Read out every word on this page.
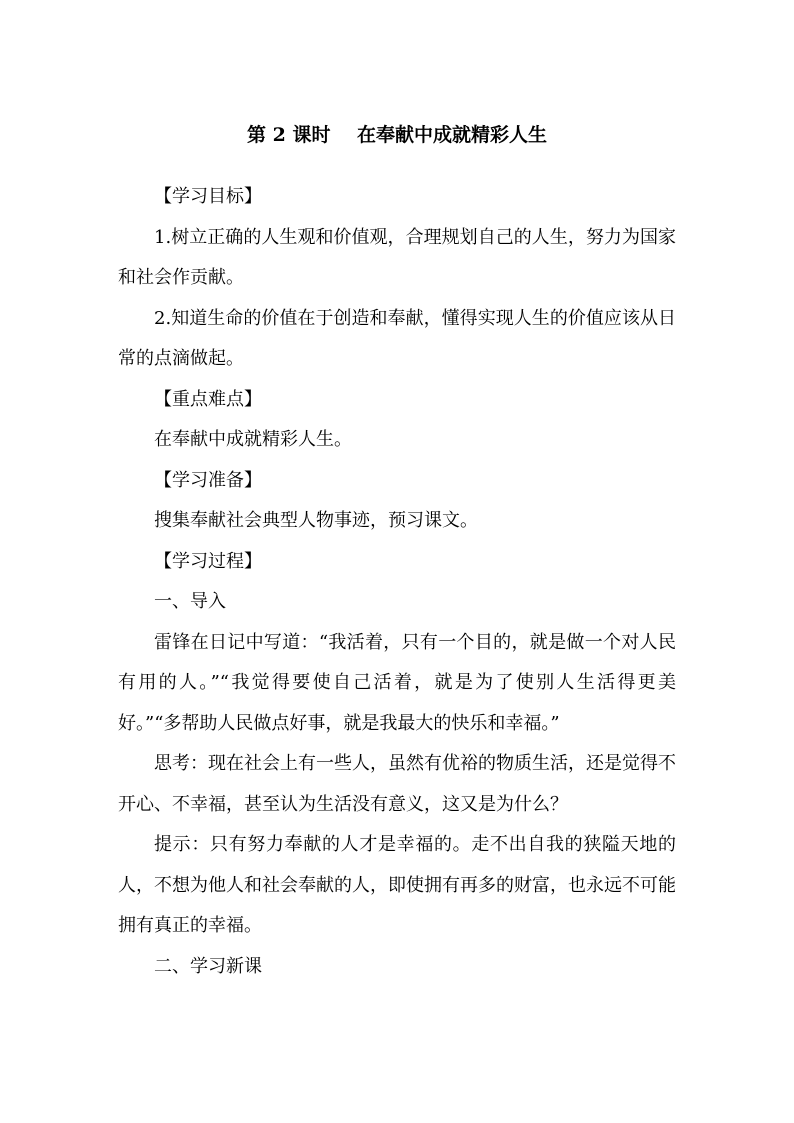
第 2 课时    在奉献中成就精彩人生

【学习目标】

1.树立正确的人生观和价值观，合理规划自己的人生，努力为国家和社会作贡献。

2.知道生命的价值在于创造和奉献，懂得实现人生的价值应该从日常的点滴做起。

【重点难点】

在奉献中成就精彩人生。

【学习准备】

搜集奉献社会典型人物事迹，预习课文。

【学习过程】

一、导入

雷锋在日记中写道：“我活着，只有一个目的，就是做一个对人民有用的人。”“我觉得要使自己活着，就是为了使别人生活得更美好。”“多帮助人民做点好事，就是我最大的快乐和幸福。”

思考：现在社会上有一些人，虽然有优裕的物质生活，还是觉得不开心、不幸福，甚至认为生活没有意义，这又是为什么？

提示：只有努力奉献的人才是幸福的。走不出自我的狭隘天地的人，不想为他人和社会奉献的人，即使拥有再多的财富，也永远不可能拥有真正的幸福。

二、学习新课
